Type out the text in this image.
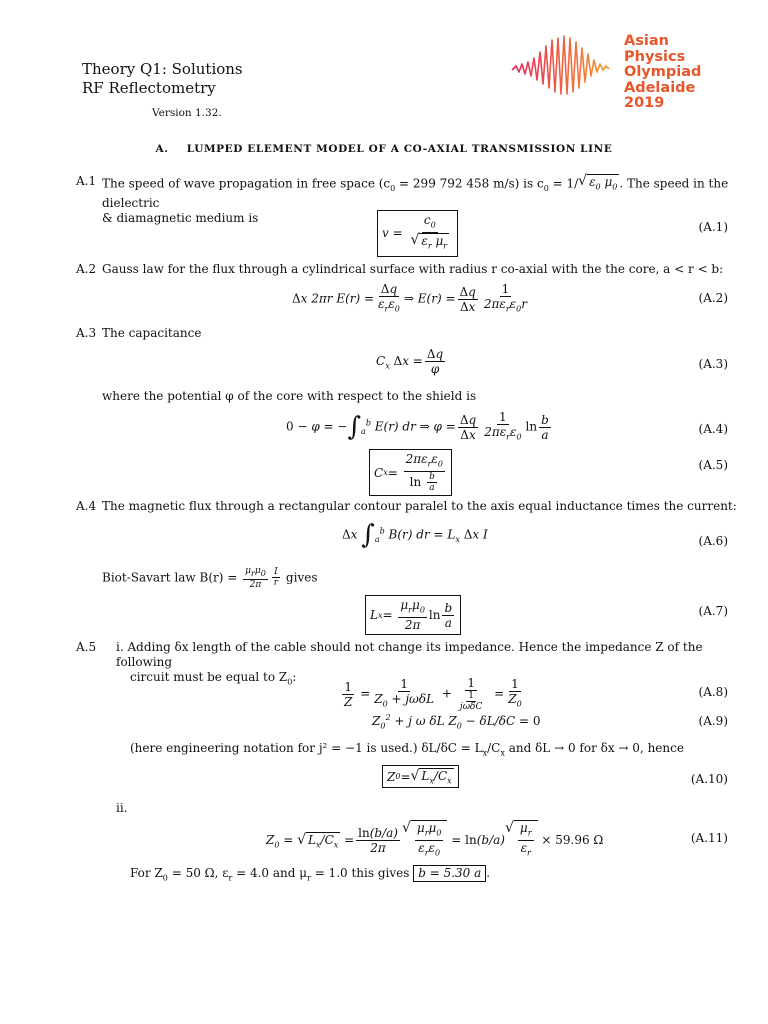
Theory Q1: Solutions
RF Reflectometry
Asian
Physics
Olympiad
Adelaide 2019
Version 1.32.
A. LUMPED ELEMENT MODEL OF A CO-AXIAL TRANSMISSION LINE
A.1 The speed of wave propagation in free space ($c_0 = 299$ 792 458 m/s) is $c_0 = 1/$ √ $\varepsilon_0$ $\mu_0$ . The speed in the dielectric
& diamagnetic medium is
$v = \frac{c_0}{√ \varepsilon_r \mu_r}$	(A.1)
A.2 Gauss law for the flux through a cylindrical surface with radius r co-axial with the the core, a < r < b:
Δx 2πr $E(r) = \frac{\Delta q}{\varepsilon_r\varepsilon_0}$ ⇒ $E(r) = \frac{\Delta q}{\Delta x} \frac{1}{2\pi\varepsilon_r\varepsilon_0r}$	(A.2)
A.3 The capacitance
$C_x$ $\Delta x = \frac{\Delta q}{\varphi}$	(A.3)
where the potential φ of the core with respect to the shield is
$0 - \varphi = -\int_a^b$ E(r) dr ⇒ $\varphi = \frac{\Delta q}{\Delta x} \frac{1}{2\pi\varepsilon_r\varepsilon_0}$ $\ln \frac{b}{a}$	(A.4)
C $x = \frac{2\pi\varepsilon_r\varepsilon_0}{\ln \frac{b}{a}}$	(A.5)
A.4 The magnetic flux through a rectangular contour paralel to the axis equal inductance times the current:
Δx $\int_a^b$ B(r) dr = $L_x$ Δx I	(A.6)
Biot-Savart law $B(r) = \frac{\mu_r\mu_0}{2\pi} \frac{I}{r}$ gives
L $x = \frac{\mu_r\mu_0}{2\pi}$ $\ln \frac{b}{a}$	(A.7)
A.5 i. Adding δx length of the cable should not change its impedance. Hence the impedance Z of the following
circuit must be equal to $Z_0$:
$\frac{1}{Z} = \frac{1}{Z_0 + j\omega\delta L} + \frac{1}{\frac{1}{\text{jωδC}}} = \frac{1}{Z_0}$	(A.8)
$Z_0^2 + j$ ω δL $Z_0 - \delta L/\delta C = 0$	(A.9)
(here engineering notation for j² = −1 is used.) $\delta L/\delta C = L_x/C_x$ and δL → 0 for δx → 0, hence
Z 0 = √ $L_x/C_x$	(A.10)
ii.
$Z_0$ = √ $L_x/C_x = \frac{\ln(b/a)}{2\pi}$ √ $\frac{\mu_r\mu_0}{\varepsilon_r\varepsilon_0} = \ln(b/a)$
√ $\frac{\mu_r}{\varepsilon_r} \times 59.96$ Ω	(A.11)
For $Z_0 = 50$ Ω, $\varepsilon_r = 4.0$ and $\mu_r = 1.0$ this gives b = 5.30 a .
